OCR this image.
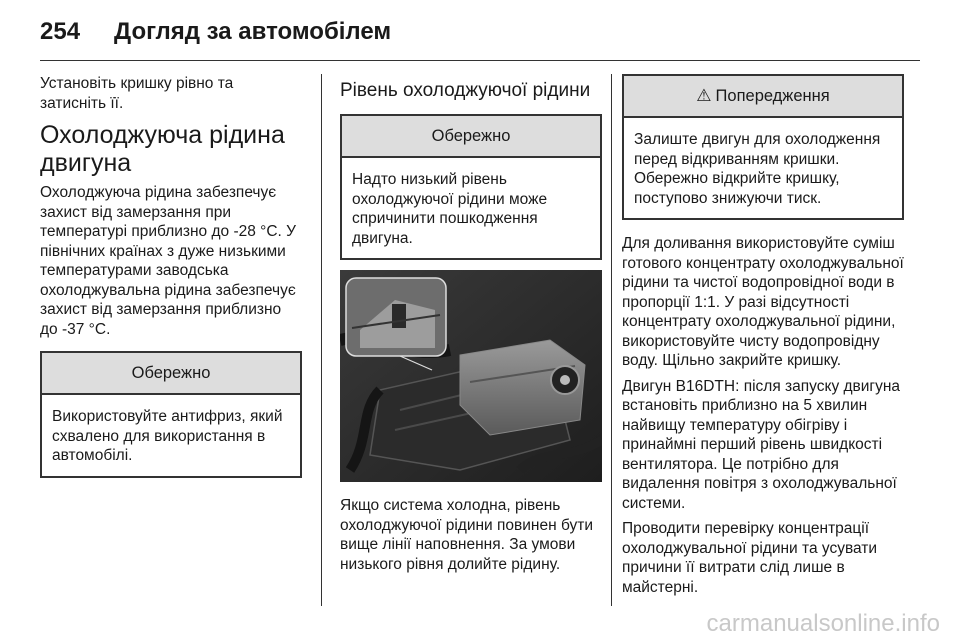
254 Догляд за автомобілем

Установіть кришку рівно та затисніть її.

Охолоджуюча рідина двигуна

Охолоджуюча рідина забезпечує захист від замерзання при температурі приблизно до -28 °C. У північних країнах з дуже низькими температурами заводська охолоджувальна рідина забезпечує захист від замерзання приблизно до -37 °C.

Обережно
Використовуйте антифриз, який схвалено для використання в автомобілі.
Рівень охолоджуючої рідини
Обережно
Надто низький рівень охолоджуючої рідини може спричинити пошкодження двигуна.

Якщо система холодна, рівень охолоджуючої рідини повинен бути вище лінії наповнення. За умови низького рівня долийте рідину.

⚠ Попередження
Залиште двигун для охолодження перед відкриванням кришки. Обережно відкрийте кришку, поступово знижуючи тиск.

Для доливання використовуйте суміш готового концентрату охолоджувальної рідини та чистої водопровідної води в пропорції 1:1. У разі відсутності концентрату охолоджувальної рідини, використовуйте чисту водопровідну воду. Щільно закрийте кришку.

Двигун B16DTH: після запуску двигуна встановіть приблизно на 5 хвилин найвищу температуру обігріву і принаймні перший рівень швидкості вентилятора. Це потрібно для видалення повітря з охолоджувальної системи.

Проводити перевірку концентрації охолоджувальної рідини та усувати причини її витрати слід лише в майстерні.

carmanualsonline.info
